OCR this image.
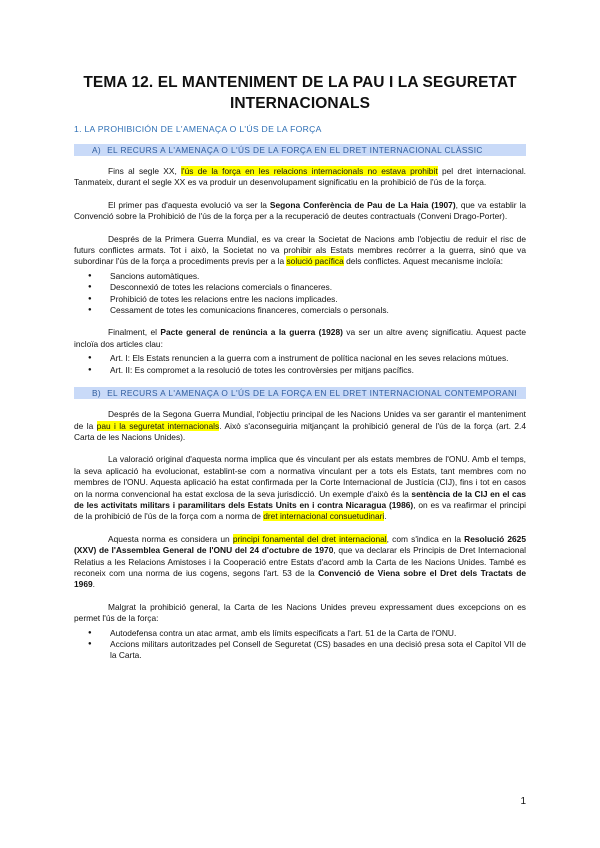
TEMA 12. EL MANTENIMENT DE LA PAU I LA SEGURETAT INTERNACIONALS
1. LA PROHIBICIÓN DE L'AMENAÇA O L'ÚS DE LA FORÇA
A) EL RECURS A L'AMENAÇA O L'ÚS DE LA FORÇA EN EL DRET INTERNACIONAL CLÀSSIC

Fins al segle XX, l'ús de la força en les relacions internacionals no estava prohibit pel dret internacional. Tanmateix, durant el segle XX es va produir un desenvolupament significatiu en la prohibició de l'ús de la força.

El primer pas d'aquesta evolució va ser la Segona Conferència de Pau de La Haia (1907), que va establir la Convenció sobre la Prohibició de l'ús de la força per a la recuperació de deutes contractuals (Conveni Drago-Porter).

Després de la Primera Guerra Mundial, es va crear la Societat de Nacions amb l'objectiu de reduir el risc de futurs conflictes armats. Tot i això, la Societat no va prohibir als Estats membres recórrer a la guerra, sinó que va subordinar l'ús de la força a procediments previs per a la solució pacífica dels conflictes. Aquest mecanisme incloïa:

● Sancions automàtiques.
● Desconnexió de totes les relacions comercials o financeres.
● Prohibició de totes les relacions entre les nacions implicades.
● Cessament de totes les comunicacions financeres, comercials o personals.

Finalment, el Pacte general de renúncia a la guerra (1928) va ser un altre avenç significatiu. Aquest pacte incloïa dos articles clau:

● Art. I: Els Estats renuncien a la guerra com a instrument de política nacional en les seves relacions mútues.
● Art. II: Es compromet a la resolució de totes les controvèrsies per mitjans pacífics.
B) EL RECURS A L'AMENAÇA O L'ÚS DE LA FORÇA EN EL DRET INTERNACIONAL CONTEMPORANI

Després de la Segona Guerra Mundial, l'objectiu principal de les Nacions Unides va ser garantir el manteniment de la pau i la seguretat internacionals. Això s'aconseguiria mitjançant la prohibició general de l'ús de la força (art. 2.4 Carta de les Nacions Unides).

La valoració original d'aquesta norma implica que és vinculant per als estats membres de l'ONU. Amb el temps, la seva aplicació ha evolucionat, establint-se com a normativa vinculant per a tots els Estats, tant membres com no membres de l'ONU. Aquesta aplicació ha estat confirmada per la Corte Internacional de Justícia (CIJ), fins i tot en casos on la norma convencional ha estat exclosa de la seva jurisdicció. Un exemple d'això és la sentència de la CIJ en el cas de les activitats militars i paramilitars dels Estats Units en i contra Nicaragua (1986), on es va reafirmar el principi de la prohibició de l'ús de la força com a norma de dret internacional consuetudinari.

Aquesta norma es considera un principi fonamental del dret internacional, com s'indica en la Resolució 2625 (XXV) de l'Assemblea General de l'ONU del 24 d'octubre de 1970, que va declarar els Principis de Dret Internacional Relatius a les Relacions Amistoses i la Cooperació entre Estats d'acord amb la Carta de les Nacions Unides. També es reconeix com una norma de ius cogens, segons l'art. 53 de la Convenció de Viena sobre el Dret dels Tractats de 1969.

Malgrat la prohibició general, la Carta de les Nacions Unides preveu expressament dues excepcions on es permet l'ús de la força:

● Autodefensa contra un atac armat, amb els límits especificats a l'art. 51 de la Carta de l'ONU.
● Accions militars autoritzades pel Consell de Seguretat (CS) basades en una decisió presa sota el Capítol VII de la Carta.
1
